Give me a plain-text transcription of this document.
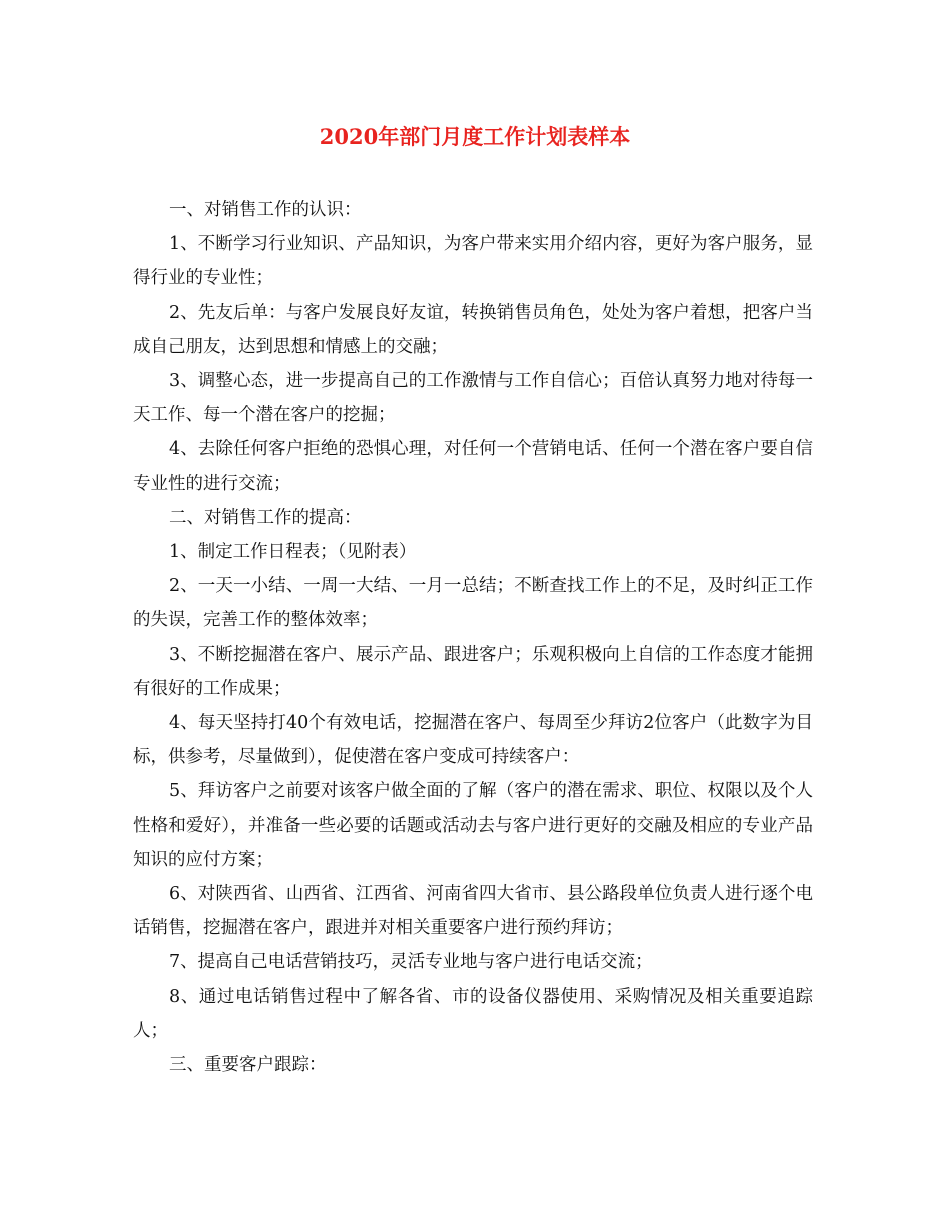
2020年部门月度工作计划表样本

一、对销售工作的认识：

1、不断学习行业知识、产品知识，为客户带来实用介绍内容，更好为客户服务，显得行业的专业性；

2、先友后单：与客户发展良好友谊，转换销售员角色，处处为客户着想，把客户当成自己朋友，达到思想和情感上的交融；

3、调整心态，进一步提高自己的工作激情与工作自信心；百倍认真努力地对待每一天工作、每一个潜在客户的挖掘；

4、去除任何客户拒绝的恐惧心理，对任何一个营销电话、任何一个潜在客户要自信专业性的进行交流；

二、对销售工作的提高：

1、制定工作日程表；（见附表）

2、一天一小结、一周一大结、一月一总结；不断查找工作上的不足，及时纠正工作的失误，完善工作的整体效率；

3、不断挖掘潜在客户、展示产品、跟进客户；乐观积极向上自信的工作态度才能拥有很好的工作成果；

4、每天坚持打40个有效电话，挖掘潜在客户、每周至少拜访2位客户（此数字为目标，供参考，尽量做到），促使潜在客户变成可持续客户：

5、拜访客户之前要对该客户做全面的了解（客户的潜在需求、职位、权限以及个人性格和爱好），并准备一些必要的话题或活动去与客户进行更好的交融及相应的专业产品知识的应付方案；

6、对陕西省、山西省、江西省、河南省四大省市、县公路段单位负责人进行逐个电话销售，挖掘潜在客户，跟进并对相关重要客户进行预约拜访；

7、提高自己电话营销技巧，灵活专业地与客户进行电话交流；

8、通过电话销售过程中了解各省、市的设备仪器使用、采购情况及相关重要追踪人；

三、重要客户跟踪：
